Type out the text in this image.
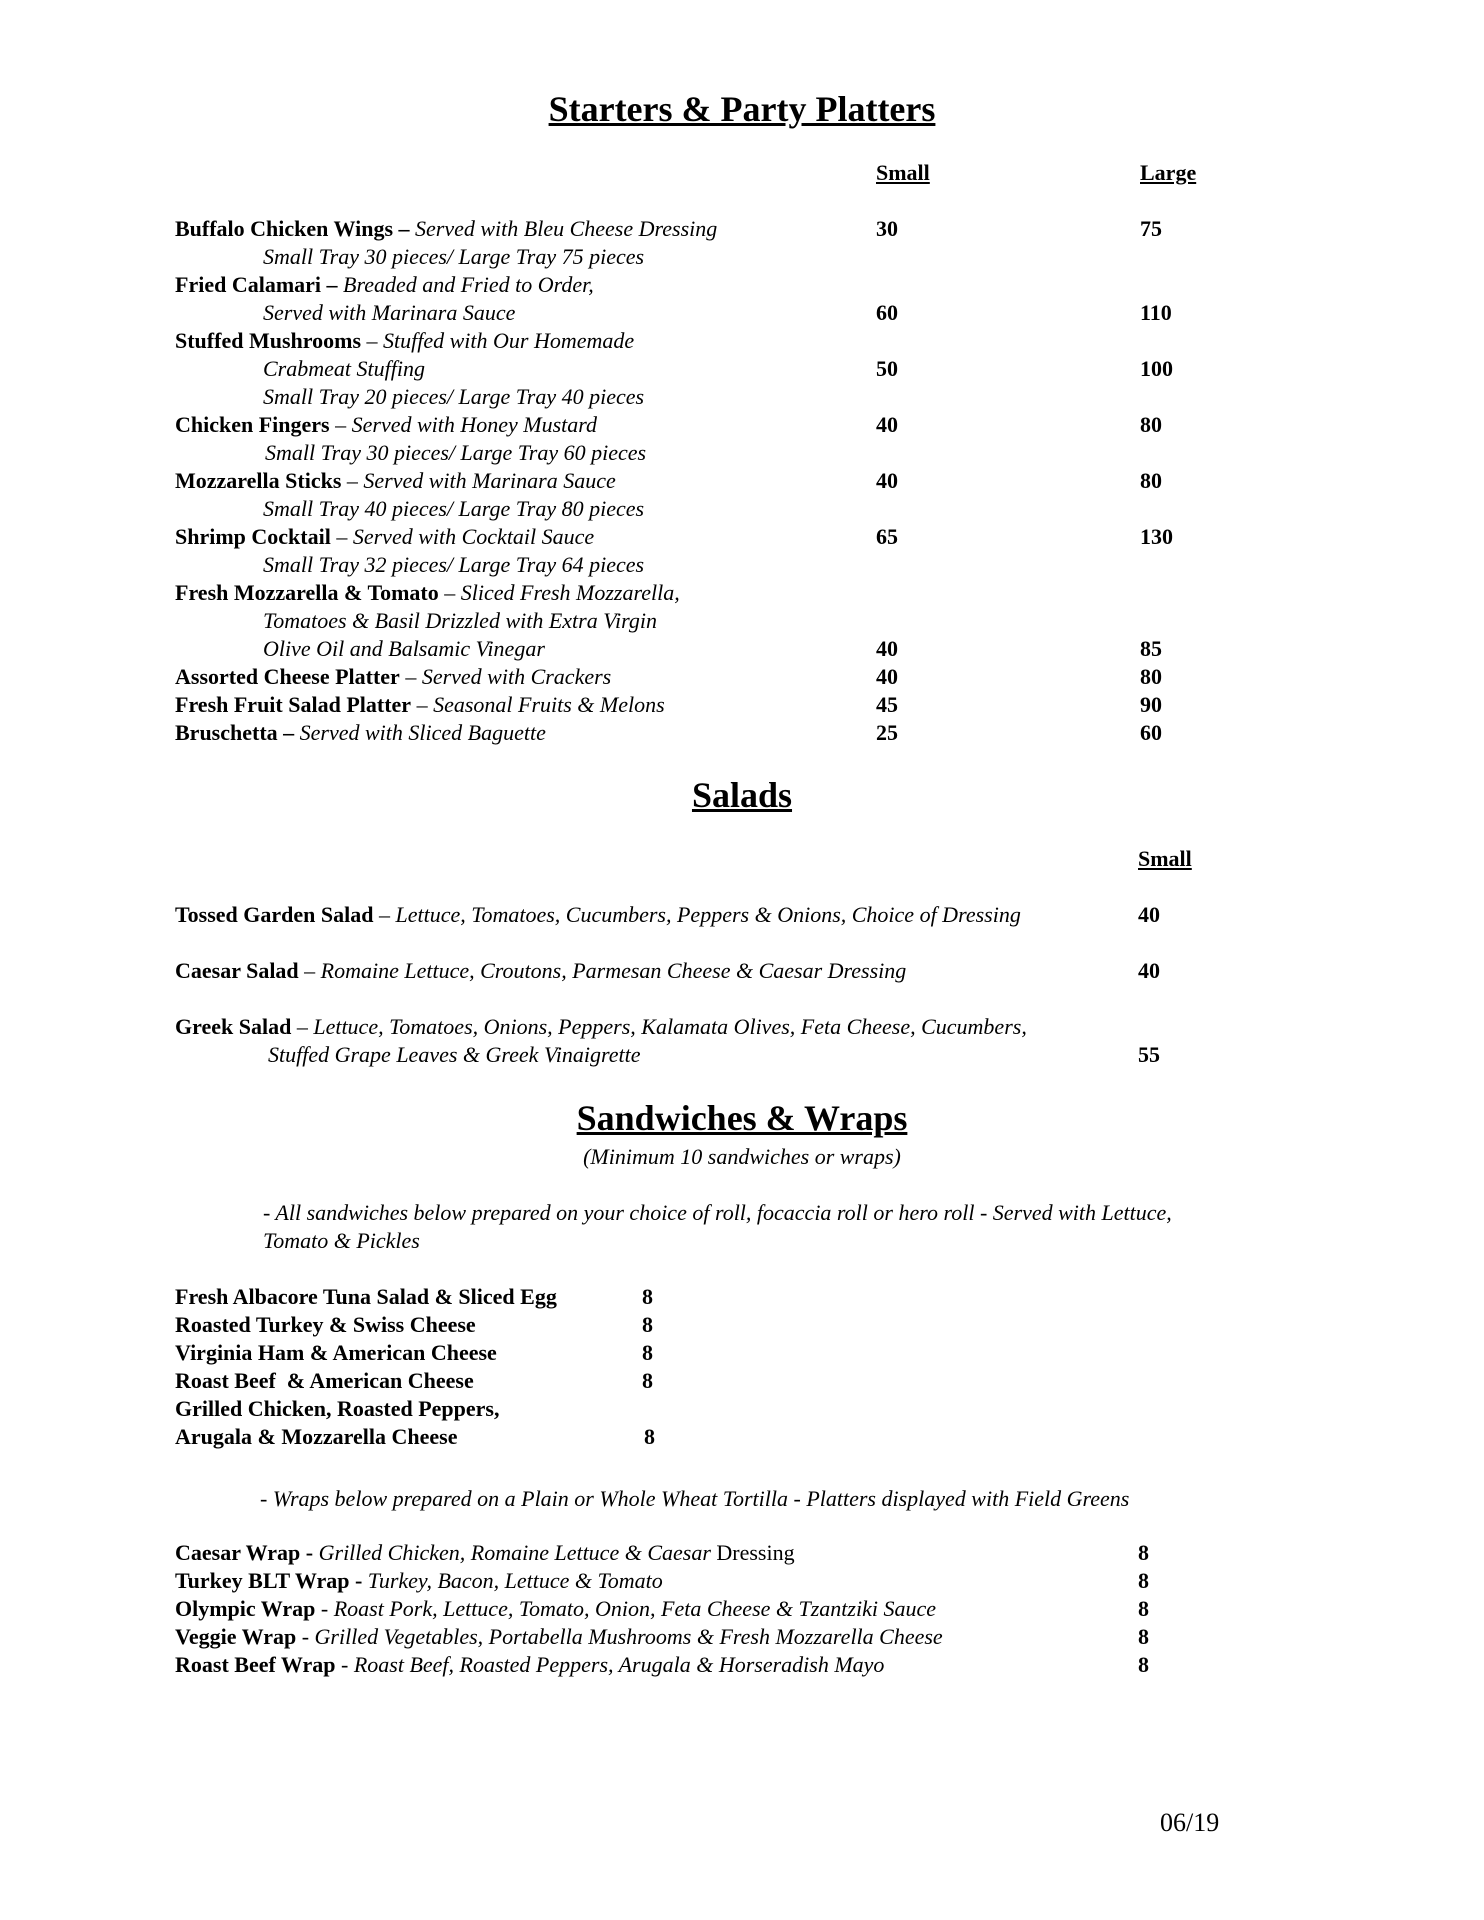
Starters & Party Platters
Small	Large
Buffalo Chicken Wings – Served with Bleu Cheese Dressing	30	75
Small Tray 30 pieces/ Large Tray 75 pieces
Fried Calamari – Breaded and Fried to Order,
Served with Marinara Sauce	60	110
Stuffed Mushrooms – Stuffed with Our Homemade
Crabmeat Stuffing	50	100
Small Tray 20 pieces/ Large Tray 40 pieces
Chicken Fingers – Served with Honey Mustard	40	80
Small Tray 30 pieces/ Large Tray 60 pieces
Mozzarella Sticks – Served with Marinara Sauce	40	80
Small Tray 40 pieces/ Large Tray 80 pieces
Shrimp Cocktail – Served with Cocktail Sauce	65	130
Small Tray 32 pieces/ Large Tray 64 pieces
Fresh Mozzarella & Tomato – Sliced Fresh Mozzarella,
Tomatoes & Basil Drizzled with Extra Virgin
Olive Oil and Balsamic Vinegar	40	85
Assorted Cheese Platter – Served with Crackers	40	80
Fresh Fruit Salad Platter – Seasonal Fruits & Melons	45	90
Bruschetta – Served with Sliced Baguette	25	60
Salads
Small
Tossed Garden Salad – Lettuce, Tomatoes, Cucumbers, Peppers & Onions, Choice of Dressing	40
Caesar Salad – Romaine Lettuce, Croutons, Parmesan Cheese & Caesar Dressing	40
Greek Salad – Lettuce, Tomatoes, Onions, Peppers, Kalamata Olives, Feta Cheese, Cucumbers,
Stuffed Grape Leaves & Greek Vinaigrette	55
Sandwiches & Wraps
(Minimum 10 sandwiches or wraps)
- All sandwiches below prepared on your choice of roll, focaccia roll or hero roll - Served with Lettuce,
Tomato & Pickles
Fresh Albacore Tuna Salad & Sliced Egg	8
Roasted Turkey & Swiss Cheese	8
Virginia Ham & American Cheese	8
Roast Beef  & American Cheese	8
Grilled Chicken, Roasted Peppers,
Arugala & Mozzarella Cheese	8
- Wraps below prepared on a Plain or Whole Wheat Tortilla - Platters displayed with Field Greens
Caesar Wrap - Grilled Chicken, Romaine Lettuce & Caesar Dressing	8
Turkey BLT Wrap - Turkey, Bacon, Lettuce & Tomato	8
Olympic Wrap - Roast Pork, Lettuce, Tomato, Onion, Feta Cheese & Tzantziki Sauce	8
Veggie Wrap - Grilled Vegetables, Portabella Mushrooms & Fresh Mozzarella Cheese	8
Roast Beef Wrap - Roast Beef, Roasted Peppers, Arugala & Horseradish Mayo	8
06/19
